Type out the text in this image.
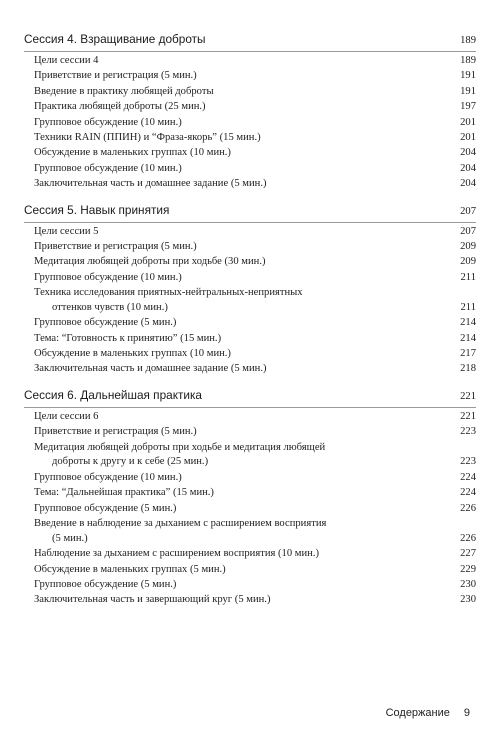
Сессия 4. Взращивание доброты	189
Цели сессии 4	189
Приветствие и регистрация (5 мин.)	191
Введение в практику любящей доброты	191
Практика любящей доброты (25 мин.)	197
Групповое обсуждение (10 мин.)	201
Техники RAIN (ППИН) и “Фраза-якорь” (15 мин.)	201
Обсуждение в маленьких группах (10 мин.)	204
Групповое обсуждение (10 мин.)	204
Заключительная часть и домашнее задание (5 мин.)	204
Сессия 5. Навык принятия	207
Цели сессии 5	207
Приветствие и регистрация (5 мин.)	209
Медитация любящей доброты при ходьбе (30 мин.)	209
Групповое обсуждение (10 мин.)	211
Техника исследования приятных-нейтральных-неприятных
оттенков чувств (10 мин.)	211
Групповое обсуждение (5 мин.)	214
Тема: “Готовность к принятию” (15 мин.)	214
Обсуждение в маленьких группах (10 мин.)	217
Заключительная часть и домашнее задание (5 мин.)	218
Сессия 6. Дальнейшая практика	221
Цели сессии 6	221
Приветствие и регистрация (5 мин.)	223
Медитация любящей доброты при ходьбе и медитация любящей
доброты к другу и к себе (25 мин.)	223
Групповое обсуждение (10 мин.)	224
Тема: “Дальнейшая практика” (15 мин.)	224
Групповое обсуждение (5 мин.)	226
Введение в наблюдение за дыханием с расширением восприятия
(5 мин.)	226
Наблюдение за дыханием с расширением восприятия (10 мин.)	227
Обсуждение в маленьких группах (5 мин.)	229
Групповое обсуждение (5 мин.)	230
Заключительная часть и завершающий круг (5 мин.)	230
Содержание 9
